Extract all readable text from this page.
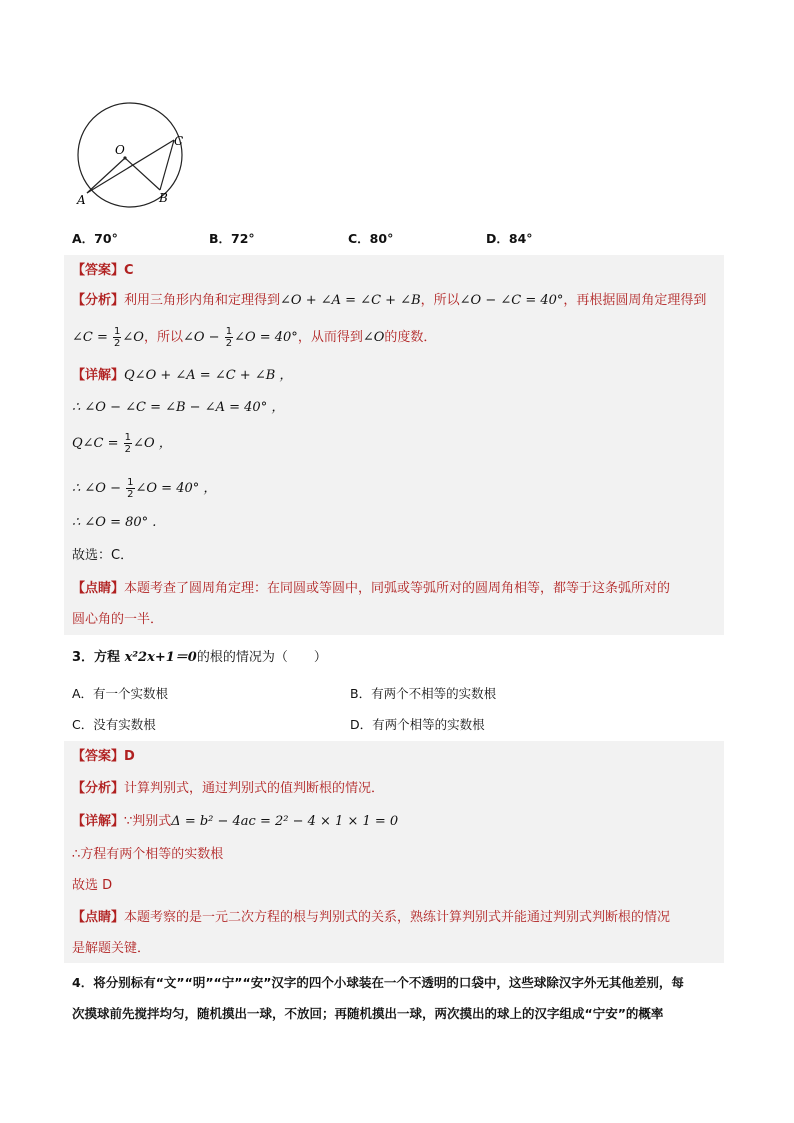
O
A	B
C
A．70°	B．72°	C．80°	D．84°
【答案】C
【分析】利用三角形内角和定理得到∠O + ∠A = ∠C + ∠B，所以∠O − ∠C = 40°，再根据圆周角定理得到
∠C = $\frac{1}{2}$ ∠O，所以∠O − $\frac{1}{2}$ ∠O = 40°，从而得到∠O的度数．
【详解】Q∠O + ∠A = ∠C + ∠B ，
∴ ∠O − ∠C = ∠B − ∠A = 40° ，
Q∠C = $\frac{1}{2}$ ∠O ，
∴ ∠O − $\frac{1}{2}$ ∠O = 40° ，
∴ ∠O = 80° .
故选：C．
【点睛】本题考查了圆周角定理：在同圆或等圆中，同弧或等弧所对的圆周角相等，都等于这条弧所对的
圆心角的一半．
3．方程 x²2x+1＝0的根的情况为（　　）
A．有一个实数根	B．有两个不相等的实数根
C．没有实数根	D．有两个相等的实数根
【答案】D
【分析】计算判别式，通过判别式的值判断根的情况．
【详解】∵判别式Δ = b² − 4ac = 2² − 4 × 1 × 1 = 0
∴方程有两个相等的实数根
故选 D
【点睛】本题考察的是一元二次方程的根与判别式的关系，熟练计算判别式并能通过判别式判断根的情况
是解题关键．
4．将分别标有“文”“明”“宁”“安”汉字的四个小球装在一个不透明的口袋中，这些球除汉字外无其他差别，每
次摸球前先搅拌均匀，随机摸出一球，不放回；再随机摸出一球，两次摸出的球上的汉字组成“宁安”的概率
